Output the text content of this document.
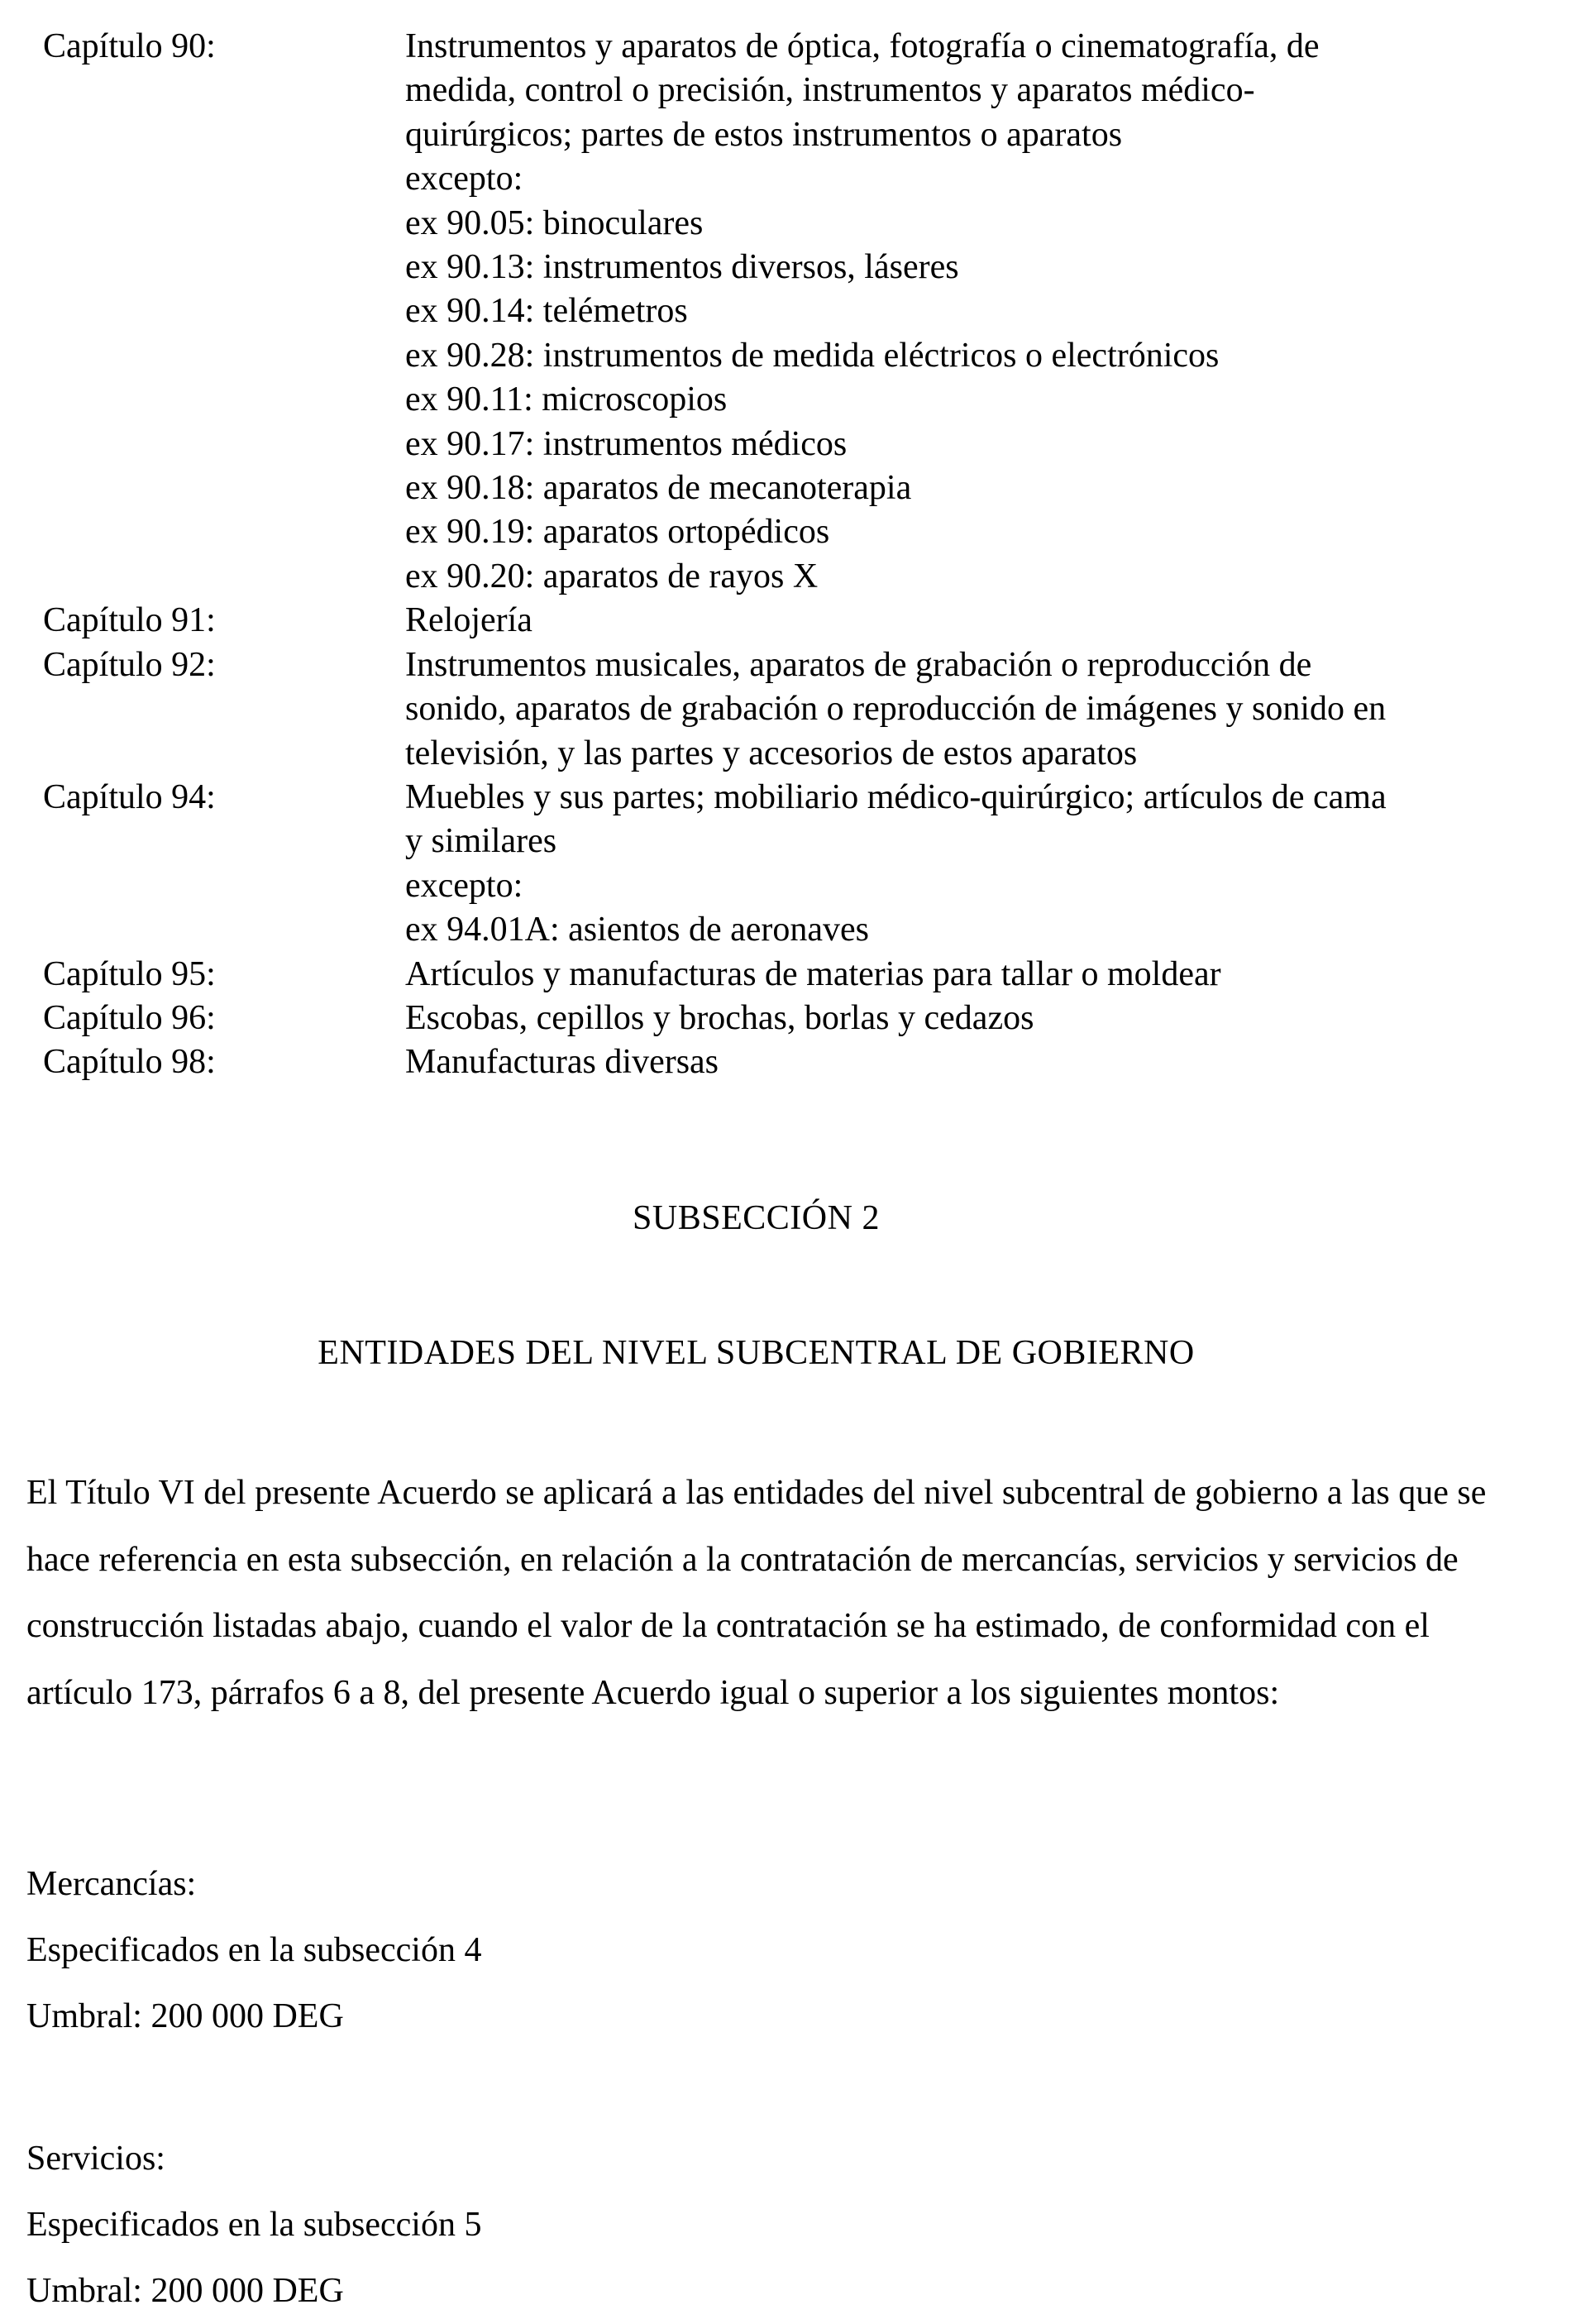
Capítulo 90:	Instrumentos y aparatos de óptica, fotografía o cinematografía, de
medida, control o precisión, instrumentos y aparatos médico-
quirúrgicos; partes de estos instrumentos o aparatos
excepto:
ex 90.05: binoculares
ex 90.13: instrumentos diversos, láseres
ex 90.14: telémetros
ex 90.28: instrumentos de medida eléctricos o electrónicos
ex 90.11: microscopios
ex 90.17: instrumentos médicos
ex 90.18: aparatos de mecanoterapia
ex 90.19: aparatos ortopédicos
ex 90.20: aparatos de rayos X
Capítulo 91:	Relojería
Capítulo 92:	Instrumentos musicales, aparatos de grabación o reproducción de
sonido, aparatos de grabación o reproducción de imágenes y sonido en
televisión, y las partes y accesorios de estos aparatos
Capítulo 94:	Muebles y sus partes; mobiliario médico-quirúrgico; artículos de cama
y similares
excepto:
ex 94.01A: asientos de aeronaves
Capítulo 95:	Artículos y manufacturas de materias para tallar o moldear
Capítulo 96:	Escobas, cepillos y brochas, borlas y cedazos
Capítulo 98:	Manufacturas diversas
SUBSECCIÓN 2
ENTIDADES DEL NIVEL SUBCENTRAL DE GOBIERNO

El Título VI del presente Acuerdo se aplicará a las entidades del nivel subcentral de gobierno a las que se hace referencia en esta subsección, en relación a la contratación de mercancías, servicios y servicios de construcción listadas abajo, cuando el valor de la contratación se ha estimado, de conformidad con el artículo 173, párrafos 6 a 8, del presente Acuerdo igual o superior a los siguientes montos:

Mercancías:
Especificados en la subsección 4
Umbral: 200 000 DEG
Servicios:
Especificados en la subsección 5
Umbral: 200 000 DEG
